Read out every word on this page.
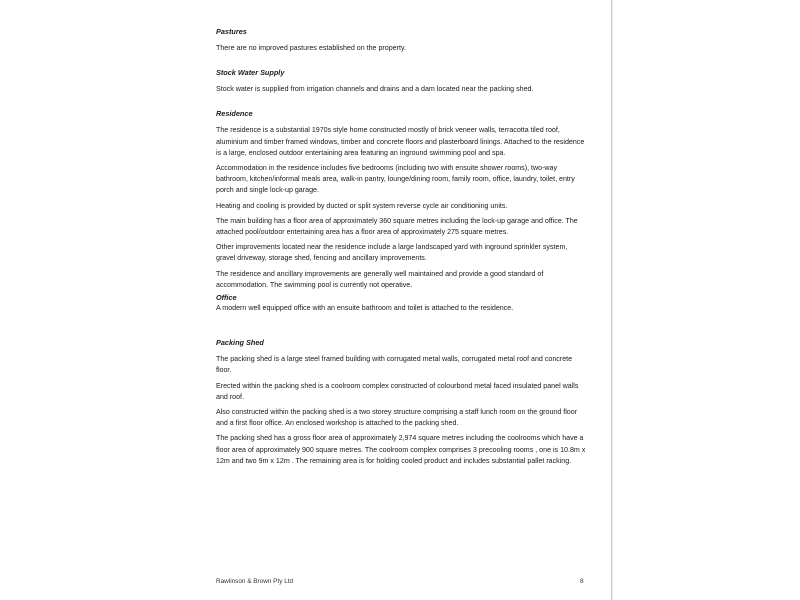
Pastures

There are no improved pastures established on the property.

Stock Water Supply

Stock water is supplied from irrigation channels and drains and a dam located near the packing shed.

Residence

The residence is a substantial 1970s style home constructed mostly of brick veneer walls, terracotta tiled roof, aluminium and timber framed windows, timber and concrete floors and plasterboard linings. Attached to the residence is a large, enclosed outdoor entertaining area featuring an inground swimming pool and spa.

Accommodation in the residence includes five bedrooms (including two with ensuite shower rooms), two-way bathroom, kitchen/informal meals area, walk-in pantry, lounge/dining room, family room, office, laundry, toilet, entry porch and single lock-up garage.

Heating and cooling is provided by ducted or split system reverse cycle air conditioning units.

The main building has a floor area of approximately 360 square metres including the lock-up garage and office. The attached pool/outdoor entertaining area has a floor area of approximately 275 square metres.

Other improvements located near the residence include a large landscaped yard with inground sprinkler system, gravel driveway, storage shed, fencing and ancillary improvements.

The residence and ancillary improvements are generally well maintained and provide a good standard of accommodation. The swimming pool is currently not operative.

Office

A modern well equipped office with an ensuite bathroom and toilet is attached to the residence.

Packing Shed

The packing shed is a large steel framed building with corrugated metal walls, corrugated metal roof and concrete floor.

Erected within the packing shed is a coolroom complex constructed of colourbond metal faced insulated panel walls and roof.

Also constructed within the packing shed is a two storey structure comprising a staff lunch room on the ground floor and a first floor office. An enclosed workshop is attached to the packing shed.

The packing shed has a gross floor area of approximately 2,974 square metres including the coolrooms which have a floor area of approximately 900 square metres. The coolroom complex comprises 3 precooling rooms , one is 10.8m x 12m and two 9m x 12m . The remaining area is for holding cooled product and includes substantial pallet racking.

Rawlinson & Brown Pty Ltd	8
